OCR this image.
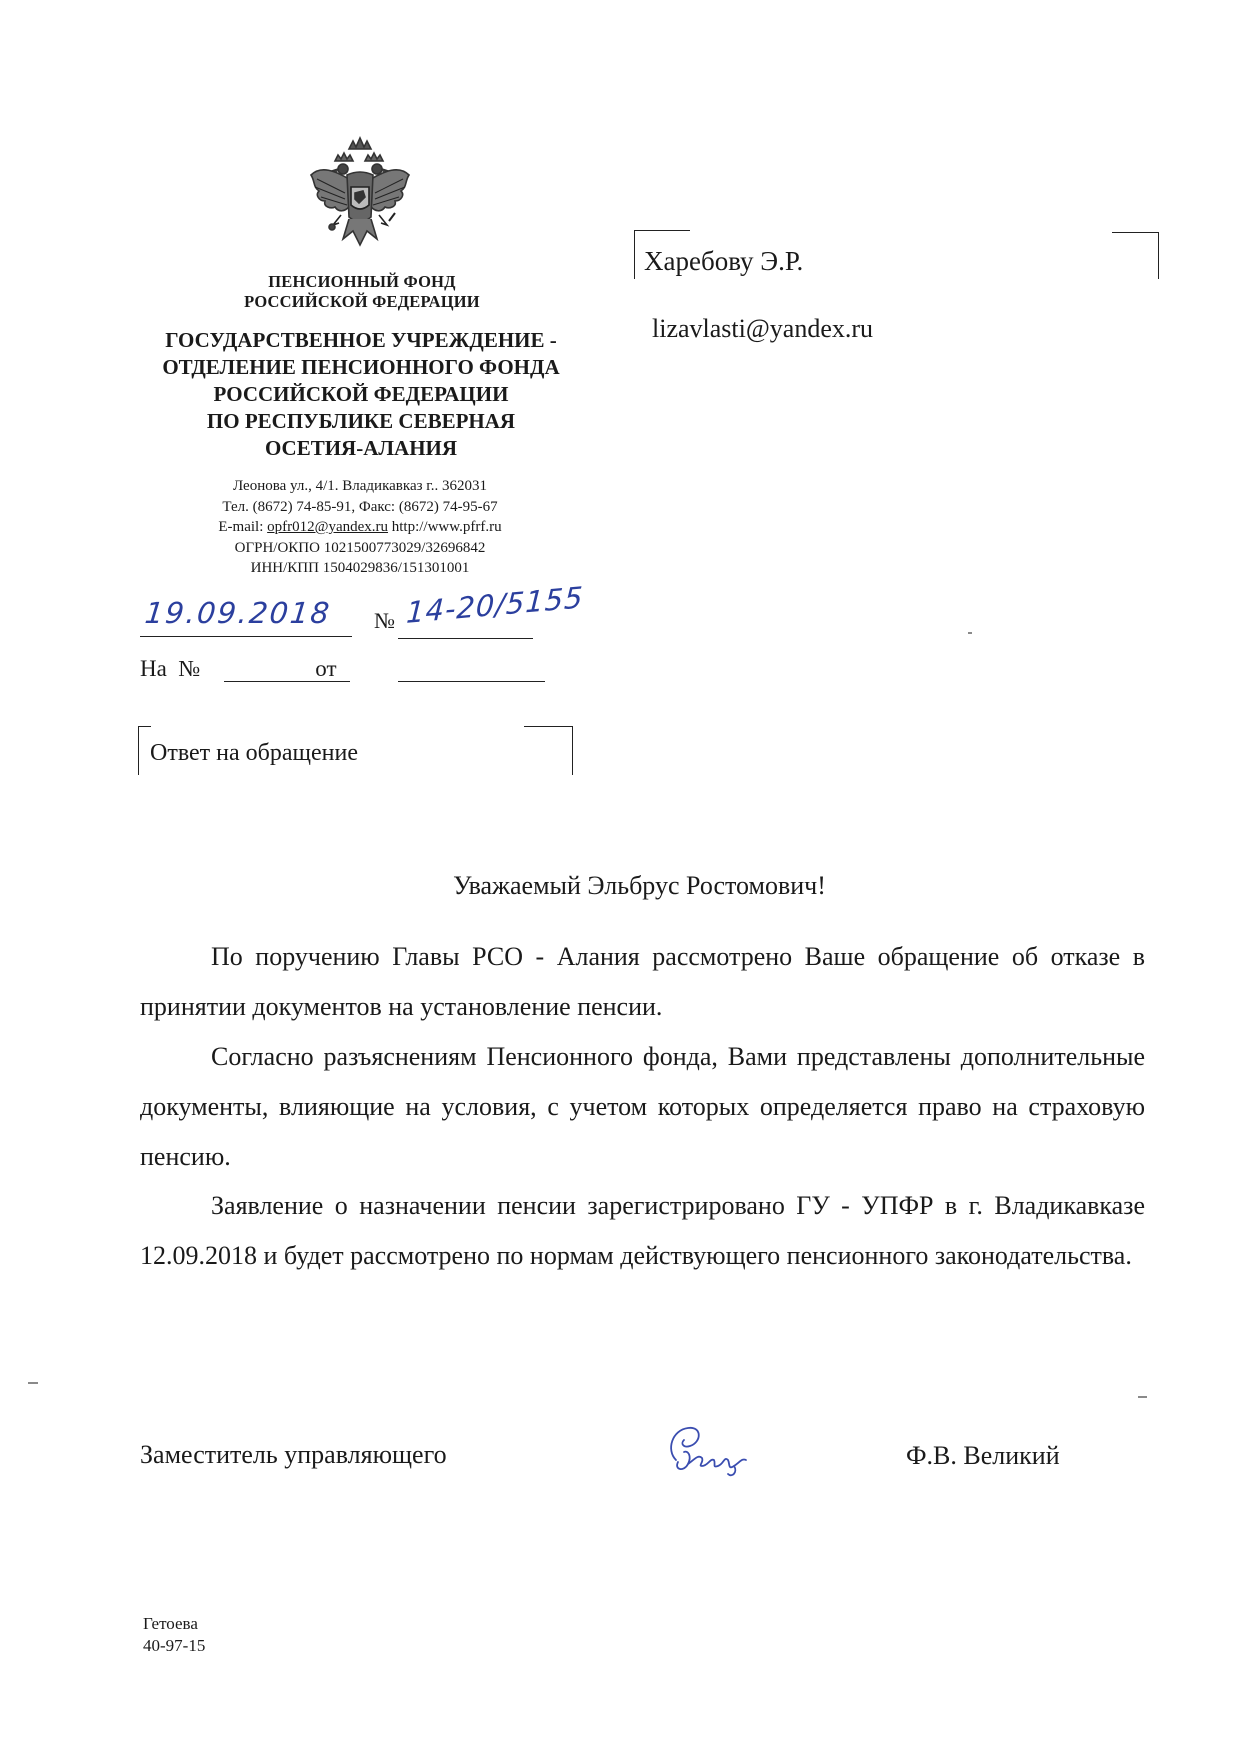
ПЕНСИОННЫЙ ФОНД
РОССИЙСКОЙ ФЕДЕРАЦИИ
ГОСУДАРСТВЕННОЕ УЧРЕЖДЕНИЕ -
ОТДЕЛЕНИЕ ПЕНСИОННОГО ФОНДА
РОССИЙСКОЙ ФЕДЕРАЦИИ
ПО РЕСПУБЛИКЕ СЕВЕРНАЯ
ОСЕТИЯ-АЛАНИЯ
Леонова ул., 4/1. Владикавказ г.. 362031
Тел. (8672) 74-85-91, Факс: (8672) 74-95-67
E-mail: opfr012@yandex.ru http://www.pfrf.ru
ОГРН/ОКПО 1021500773029/32696842
ИНН/КПП 1504029836/151301001
19.09.2018 № 14-20/5155
На  №                    от
Ответ на обращение
Харебову Э.Р.
lizavlasti@yandex.ru
Уважаемый Эльбрус Ростомович!

По поручению Главы РСО - Алания рассмотрено Ваше обращение об отказе в принятии документов на установление пенсии.

Согласно разъяснениям Пенсионного фонда, Вами представлены дополнительные документы, влияющие на условия, с учетом которых определяется право на страховую пенсию.

Заявление о назначении пенсии зарегистрировано ГУ - УПФР в г. Владикавказе 12.09.2018 и будет рассмотрено по нормам действующего пенсионного законодательства.

Заместитель управляющего	Ф.В. Великий
Гетоева
40-97-15
